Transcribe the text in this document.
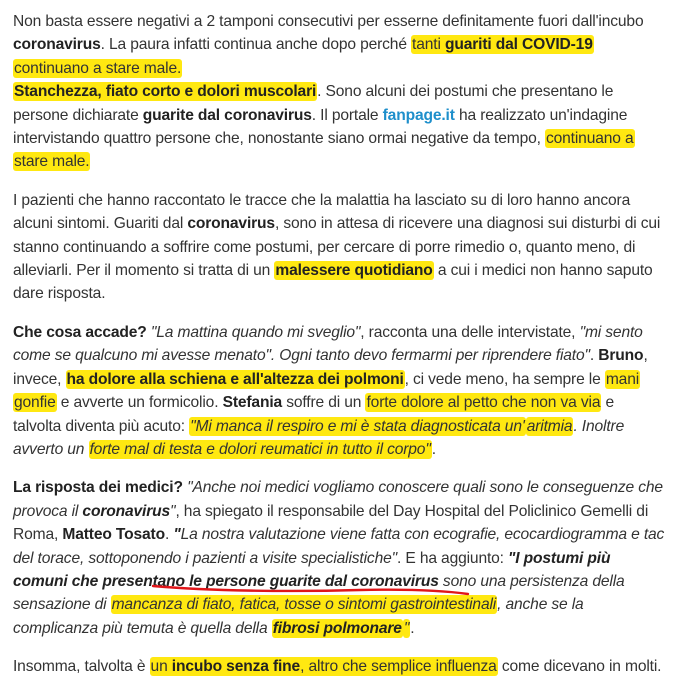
Non basta essere negativi a 2 tamponi consecutivi per esserne definitamente fuori dall'incubo coronavirus. La paura infatti continua anche dopo perché tanti guariti dal COVID-19 continuano a stare male.
Stanchezza, fiato corto e dolori muscolari. Sono alcuni dei postumi che presentano le persone dichiarate guarite dal coronavirus. Il portale fanpage.it ha realizzato un'indagine intervistando quattro persone che, nonostante siano ormai negative da tempo, continuano a stare male.

I pazienti che hanno raccontato le tracce che la malattia ha lasciato su di loro hanno ancora alcuni sintomi. Guariti dal coronavirus, sono in attesa di ricevere una diagnosi sui disturbi di cui stanno continuando a soffrire come postumi, per cercare di porre rimedio o, quanto meno, di alleviarli. Per il momento si tratta di un malessere quotidiano a cui i medici non hanno saputo dare risposta.

Che cosa accade? "La mattina quando mi sveglio", racconta una delle intervistate, "mi sento come se qualcuno mi avesse menato". Ogni tanto devo fermarmi per riprendere fiato". Bruno, invece, ha dolore alla schiena e all'altezza dei polmoni, ci vede meno, ha sempre le mani gonfie e avverte un formicolio. Stefania soffre di un forte dolore al petto che non va via e talvolta diventa più acuto: "Mi manca il respiro e mi è stata diagnosticata un' aritmia. Inoltre avverto un forte mal di testa e dolori reumatici in tutto il corpo".

La risposta dei medici? "Anche noi medici vogliamo conoscere quali sono le conseguenze che provoca il coronavirus", ha spiegato il responsabile del Day Hospital del Policlinico Gemelli di Roma, Matteo Tosato. "La nostra valutazione viene fatta con ecografie, ecocardiogramma e tac del torace, sottoponendo i pazienti a visite specialistiche". E ha aggiunto: "I postumi più comuni che presentano le persone guarite dal coronavirus sono una persistenza della sensazione di mancanza di fiato, fatica, tosse o sintomi gastrointestinali, anche se la complicanza più temuta è quella della fibrosi polmonare ".

Insomma, talvolta è un incubo senza fine, altro che semplice influenza come dicevano in molti.
